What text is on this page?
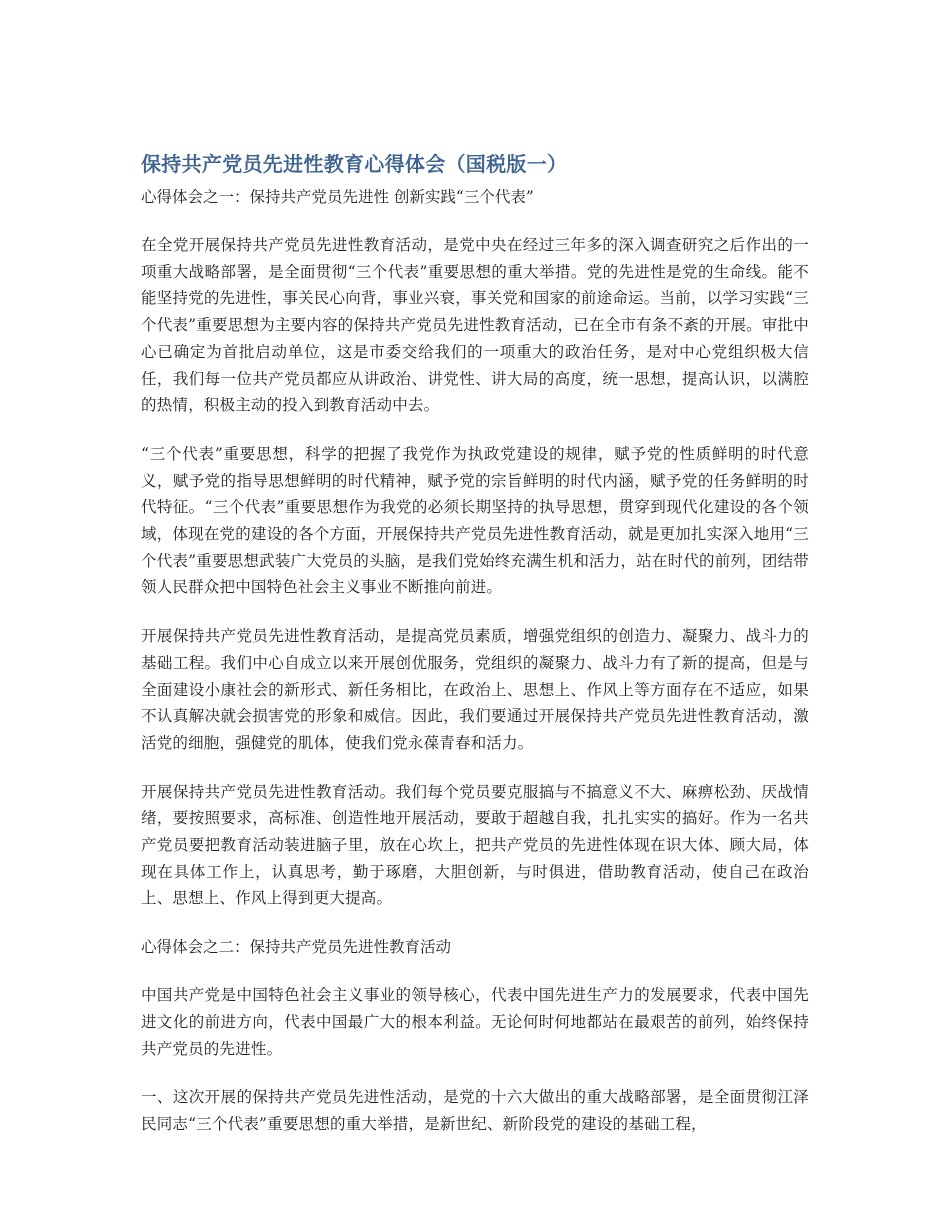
保持共产党员先进性教育心得体会（国税版一）

心得体会之一：保持共产党员先进性 创新实践“三个代表”

在全党开展保持共产党员先进性教育活动，是党中央在经过三年多的深入调查研究之后作出的一项重大战略部署，是全面贯彻“三个代表”重要思想的重大举措。党的先进性是党的生命线。能不能坚持党的先进性，事关民心向背，事业兴衰，事关党和国家的前途命运。当前，以学习实践“三个代表”重要思想为主要内容的保持共产党员先进性教育活动，已在全市有条不紊的开展。审批中心已确定为首批启动单位，这是市委交给我们的一项重大的政治任务，是对中心党组织极大信任，我们每一位共产党员都应从讲政治、讲党性、讲大局的高度，统一思想，提高认识，以满腔的热情，积极主动的投入到教育活动中去。

“三个代表”重要思想，科学的把握了我党作为执政党建设的规律，赋予党的性质鲜明的时代意义，赋予党的指导思想鲜明的时代精神，赋予党的宗旨鲜明的时代内涵，赋予党的任务鲜明的时代特征。“三个代表”重要思想作为我党的必须长期坚持的执导思想，贯穿到现代化建设的各个领域，体现在党的建设的各个方面，开展保持共产党员先进性教育活动，就是更加扎实深入地用“三个代表”重要思想武装广大党员的头脑，是我们党始终充满生机和活力，站在时代的前列，团结带领人民群众把中国特色社会主义事业不断推向前进。

开展保持共产党员先进性教育活动，是提高党员素质，增强党组织的创造力、凝聚力、战斗力的基础工程。我们中心自成立以来开展创优服务，党组织的凝聚力、战斗力有了新的提高，但是与全面建设小康社会的新形式、新任务相比，在政治上、思想上、作风上等方面存在不适应，如果不认真解决就会损害党的形象和威信。因此，我们要通过开展保持共产党员先进性教育活动，激活党的细胞，强健党的肌体，使我们党永葆青春和活力。

开展保持共产党员先进性教育活动。我们每个党员要克服搞与不搞意义不大、麻痹松劲、厌战情绪，要按照要求，高标准、创造性地开展活动，要敢于超越自我，扎扎实实的搞好。作为一名共产党员要把教育活动装进脑子里，放在心坎上，把共产党员的先进性体现在识大体、顾大局，体现在具体工作上，认真思考，勤于琢磨，大胆创新，与时俱进，借助教育活动，使自己在政治上、思想上、作风上得到更大提高。

心得体会之二：保持共产党员先进性教育活动

中国共产党是中国特色社会主义事业的领导核心，代表中国先进生产力的发展要求，代表中国先进文化的前进方向，代表中国最广大的根本利益。无论何时何地都站在最艰苦的前列，始终保持共产党员的先进性。

一、这次开展的保持共产党员先进性活动，是党的十六大做出的重大战略部署，是全面贯彻江泽民同志“三个代表”重要思想的重大举措，是新世纪、新阶段党的建设的基础工程，
